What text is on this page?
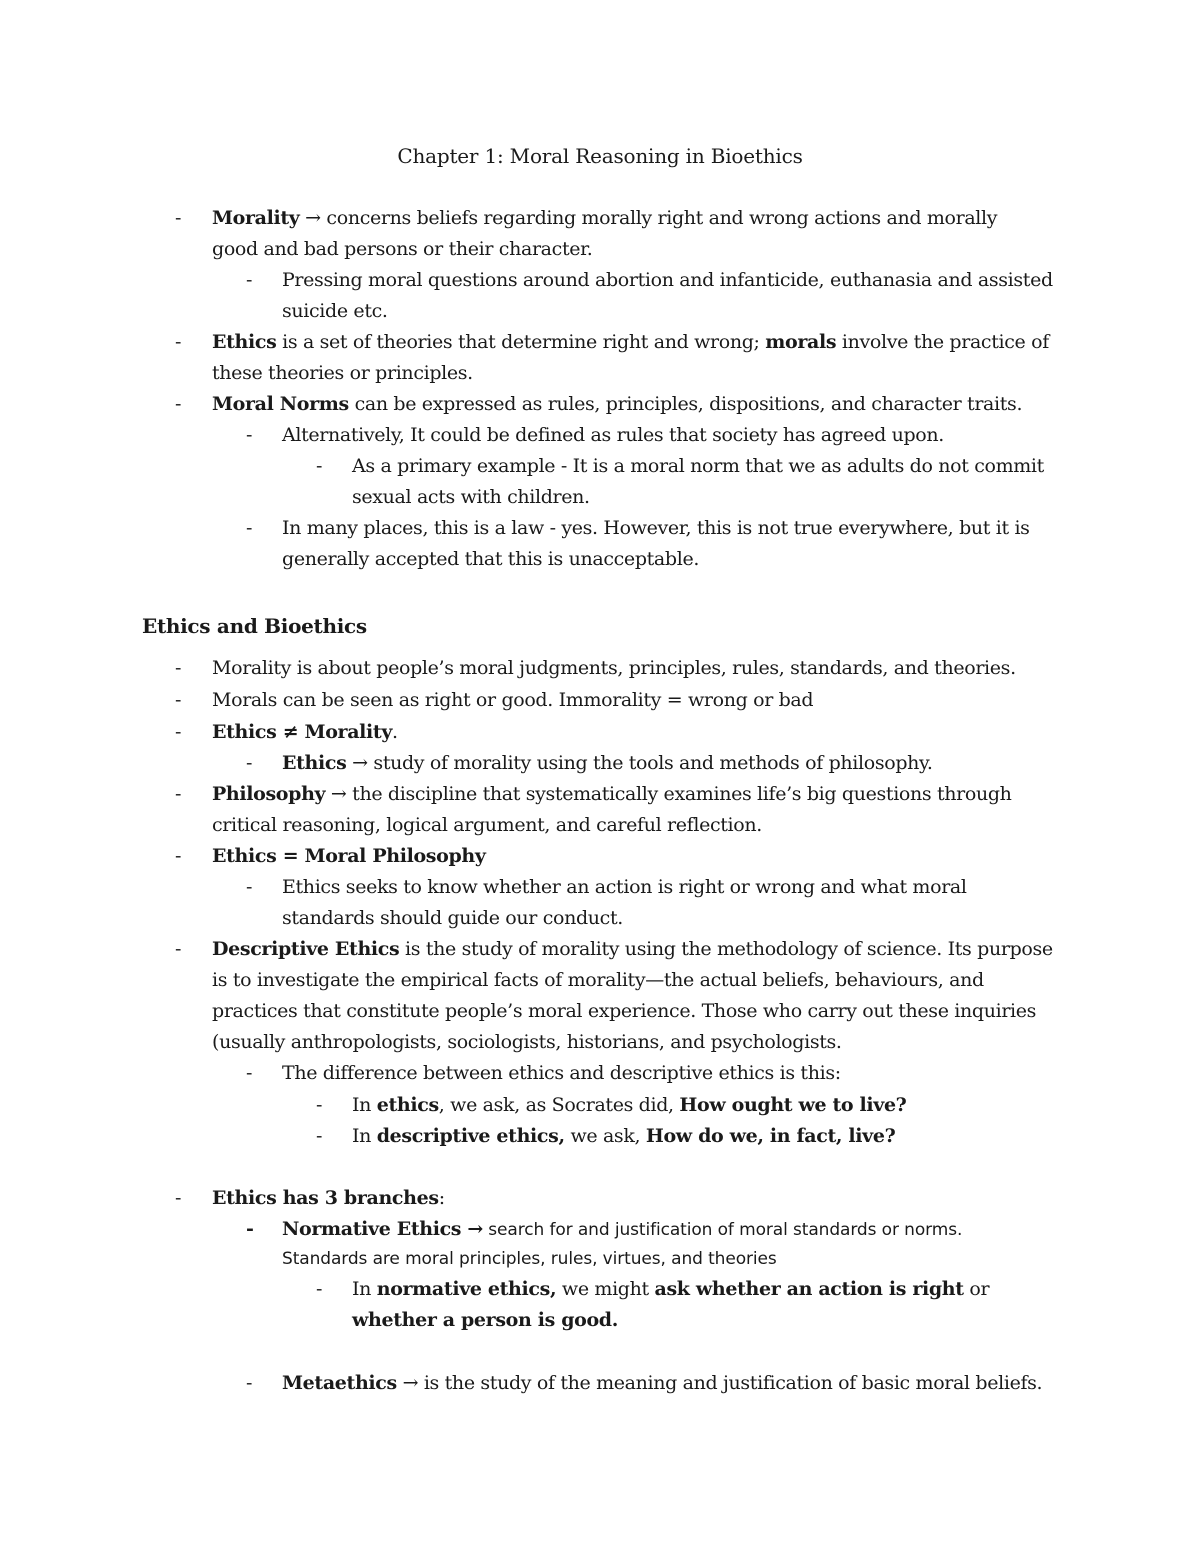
Chapter 1: Moral Reasoning in Bioethics
-	Morality → concerns beliefs regarding morally right and wrong actions and morally
good and bad persons or their character.
-	Pressing moral questions around abortion and infanticide, euthanasia and assisted
suicide etc.
-	Ethics is a set of theories that determine right and wrong; morals involve the practice of
these theories or principles.
-	Moral Norms can be expressed as rules, principles, dispositions, and character traits.
-	Alternatively, It could be defined as rules that society has agreed upon.
-	As a primary example - It is a moral norm that we as adults do not commit
sexual acts with children.
-	In many places, this is a law - yes. However, this is not true everywhere, but it is
generally accepted that this is unacceptable.
Ethics and Bioethics
-	Morality is about people’s moral judgments, principles, rules, standards, and theories.
-	Morals can be seen as right or good. Immorality = wrong or bad
-	Ethics ≠ Morality.
-	Ethics → study of morality using the tools and methods of philosophy.
-	Philosophy → the discipline that systematically examines life’s big questions through
critical reasoning, logical argument, and careful reflection.
-	Ethics = Moral Philosophy
-	Ethics seeks to know whether an action is right or wrong and what moral
standards should guide our conduct.
-	Descriptive Ethics is the study of morality using the methodology of science. Its purpose
is to investigate the empirical facts of morality—the actual beliefs, behaviours, and
practices that constitute people’s moral experience. Those who carry out these inquiries
(usually anthropologists, sociologists, historians, and psychologists.
-	The difference between ethics and descriptive ethics is this:
-	In ethics, we ask, as Socrates did, How ought we to live?
-	In descriptive ethics, we ask, How do we, in fact, live?
-	Ethics has 3 branches:
-	Normative Ethics → search for and justification of moral standards or norms.
Standards are moral principles, rules, virtues, and theories
-	In normative ethics, we might ask whether an action is right or
whether a person is good.
-	Metaethics → is the study of the meaning and justification of basic moral beliefs.
